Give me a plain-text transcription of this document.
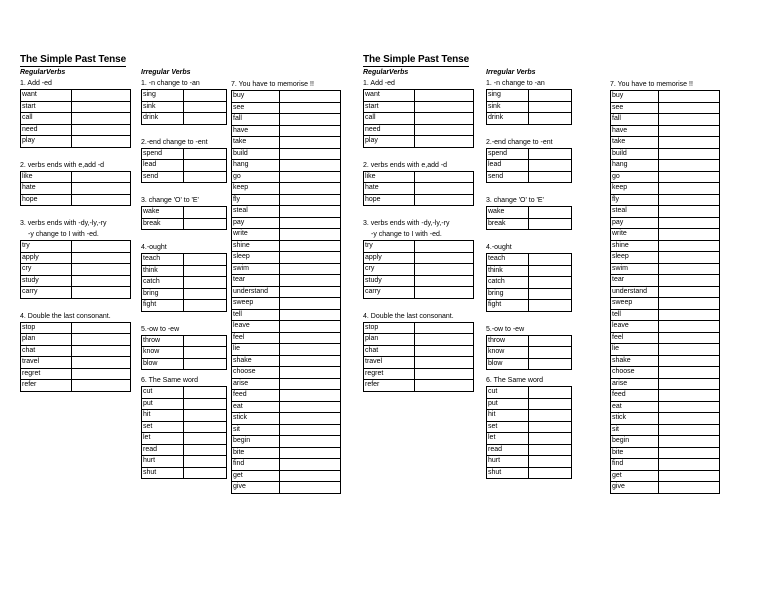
The Simple Past Tense
RegularVerbs
1. Add -ed
want	
start	
call	
need	
play	
2. verbs ends with e,add -d
like	
hate	
hope	
3. verbs ends with -dy,-ly,-ry
-y change to I with -ed.
try	
apply	
cry	
study	
carry	
4. Double the last consonant.
stop	
plan	
chat	
travel	
regret	
refer	
Irregular Verbs
1. -n change to -an
sing	
sink	
drink	
2.-end change to -ent
spend	
lead	
send	
3. change 'O' to 'E'
wake	
break	
4.-ought
teach	
think	
catch	
bring	
fight	
5.-ow to -ew
throw	
know	
blow	
6. The Same word
cut	
put	
hit	
set	
let	
read	
hurt	
shut	
7. You have to memorise !!
buy	
see	
fall	
have	
take	
build	
hang	
go	
keep	
fly	
steal	
pay	
write	
shine	
sleep	
swim	
tear	
understand	
sweep	
tell	
leave	
feel	
lie	
shake	
choose	
arise	
feed	
eat	
stick	
sit	
begin	
bite	
find	
get	
give	
The Simple Past Tense
RegularVerbs
1. Add -ed
want	
start	
call	
need	
play	
2. verbs ends with e,add -d
like	
hate	
hope	
3. verbs ends with -dy,-ly,-ry
-y change to I with -ed.
try	
apply	
cry	
study	
carry	
4. Double the last consonant.
stop	
plan	
chat	
travel	
regret	
refer	
Irregular Verbs
1. -n change to -an
sing	
sink	
drink	
2.-end change to -ent
spend	
lead	
send	
3. change 'O' to 'E'
wake	
break	
4.-ought
teach	
think	
catch	
bring	
fight	
5.-ow to -ew
throw	
know	
blow	
6. The Same word
cut	
put	
hit	
set	
let	
read	
hurt	
shut	
7. You have to memorise !!
buy	
see	
fall	
have	
take	
build	
hang	
go	
keep	
fly	
steal	
pay	
write	
shine	
sleep	
swim	
tear	
understand	
sweep	
tell	
leave	
feel	
lie	
shake	
choose	
arise	
feed	
eat	
stick	
sit	
begin	
bite	
find	
get	
give	
